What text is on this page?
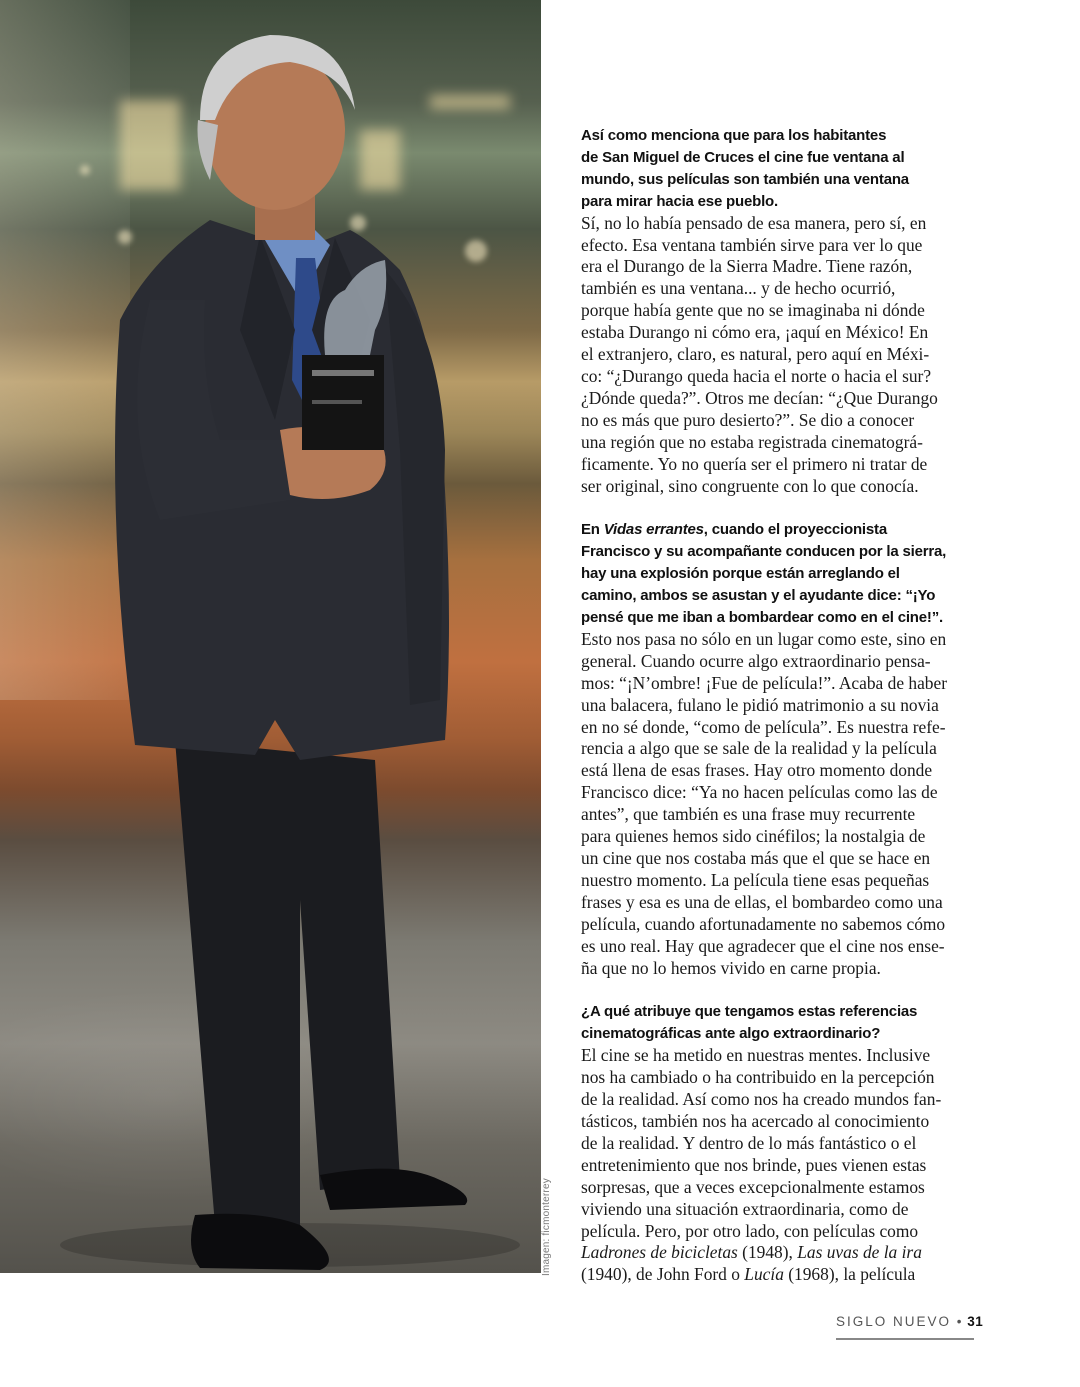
Imagen: ficmonterrey

Así como menciona que para los habitantes
de San Miguel de Cruces el cine fue ventana al
mundo, sus películas son también una ventana
para mirar hacia ese pueblo.

Sí, no lo había pensado de esa manera, pero sí, en
efecto. Esa ventana también sirve para ver lo que
era el Durango de la Sierra Madre. Tiene razón,
también es una ventana... y de hecho ocurrió,
porque había gente que no se imaginaba ni dónde
estaba Durango ni cómo era, ¡aquí en México! En
el extranjero, claro, es natural, pero aquí en Méxi-
co: “¿Durango queda hacia el norte o hacia el sur?
¿Dónde queda?”. Otros me decían: “¿Que Durango
no es más que puro desierto?”. Se dio a conocer
una región que no estaba registrada cinematográ-
ficamente. Yo no quería ser el primero ni tratar de
ser original, sino congruente con lo que conocía.

En Vidas errantes, cuando el proyeccionista
Francisco y su acompañante conducen por la sierra,
hay una explosión porque están arreglando el
camino, ambos se asustan y el ayudante dice: “¡Yo
pensé que me iban a bombardear como en el cine!”.

Esto nos pasa no sólo en un lugar como este, sino en
general. Cuando ocurre algo extraordinario pensa-
mos: “¡N’ombre! ¡Fue de película!”. Acaba de haber
una balacera, fulano le pidió matrimonio a su novia
en no sé donde, “como de película”. Es nuestra refe-
rencia a algo que se sale de la realidad y la película
está llena de esas frases. Hay otro momento donde
Francisco dice: “Ya no hacen películas como las de
antes”, que también es una frase muy recurrente
para quienes hemos sido cinéfilos; la nostalgia de
un cine que nos costaba más que el que se hace en
nuestro momento. La película tiene esas pequeñas
frases y esa es una de ellas, el bombardeo como una
película, cuando afortunadamente no sabemos cómo
es uno real. Hay que agradecer que el cine nos ense-
ña que no lo hemos vivido en carne propia.

¿A qué atribuye que tengamos estas referencias
cinematográficas ante algo extraordinario?

El cine se ha metido en nuestras mentes. Inclusive
nos ha cambiado o ha contribuido en la percepción
de la realidad. Así como nos ha creado mundos fan-
tásticos, también nos ha acercado al conocimiento
de la realidad. Y dentro de lo más fantástico o el
entretenimiento que nos brinde, pues vienen estas
sorpresas, que a veces excepcionalmente estamos
viviendo una situación extraordinaria, como de
película. Pero, por otro lado, con películas como
Ladrones de bicicletas (1948), Las uvas de la ira
(1940), de John Ford o Lucía (1968), la película

SIGLO NUEVO • 31
